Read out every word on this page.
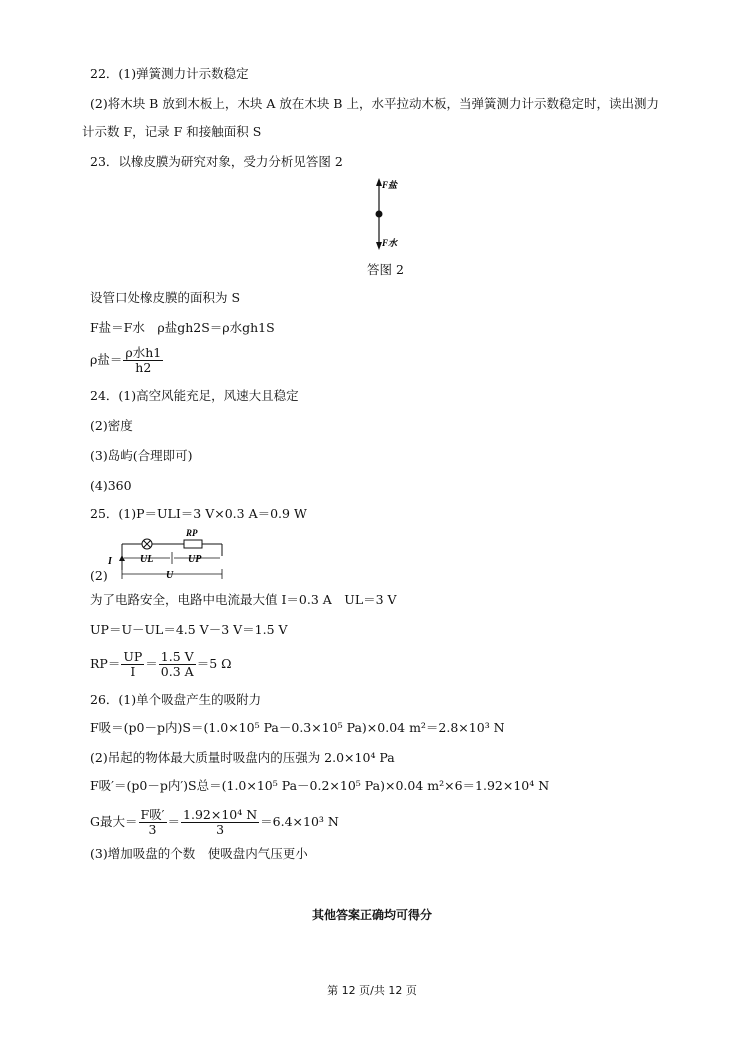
22．(1)弹簧测力计示数稳定
(2)将木块 B 放到木板上，木块 A 放在木块 B 上，水平拉动木板，当弹簧测力计示数稳定时，读出测力
计示数 F，记录 F 和接触面积 S
23．以橡皮膜为研究对象，受力分析见答图 2
F盐
F水
答图 2
设管口处橡皮膜的面积为 S
F盐＝F水　ρ盐gh2S＝ρ水gh1S
ρ盐＝ $\frac{\text{ρ水h1}}{h2}$
24．(1)高空风能充足，风速大且稳定
(2)密度
(3)岛屿(合理即可)
(4)360
25．(1)P＝ULI＝3 V×0.3 A＝0.9 W
RP
I	UL	UP
U
(2)
为了电路安全，电路中电流最大值 I＝0.3 A　UL＝3 V
UP＝U－UL＝4.5 V－3 V＝1.5 V
$RP= \frac{UP}{I} = \frac{1.5 V}{0.3 A} =5$ Ω
26．(1)单个吸盘产生的吸附力
F吸＝(p0－p内)S＝(1.0×10⁵ Pa－0.3×10⁵ Pa)×0.04 m²＝2.8×10³ N
(2)吊起的物体最大质量时吸盘内的压强为 2.0×10⁴ Pa
F吸′＝(p0－p内′)S总＝(1.0×10⁵ Pa－0.2×10⁵ Pa)×0.04 m²×6＝1.92×10⁴ N
G最大＝ $\frac{\text{F吸′}}{3} = \frac{\text{1.92×10⁴ N}}{3} =6.4\times 10^3$ N
(3)增加吸盘的个数　使吸盘内气压更小
其他答案正确均可得分
第 12 页/共 12 页
